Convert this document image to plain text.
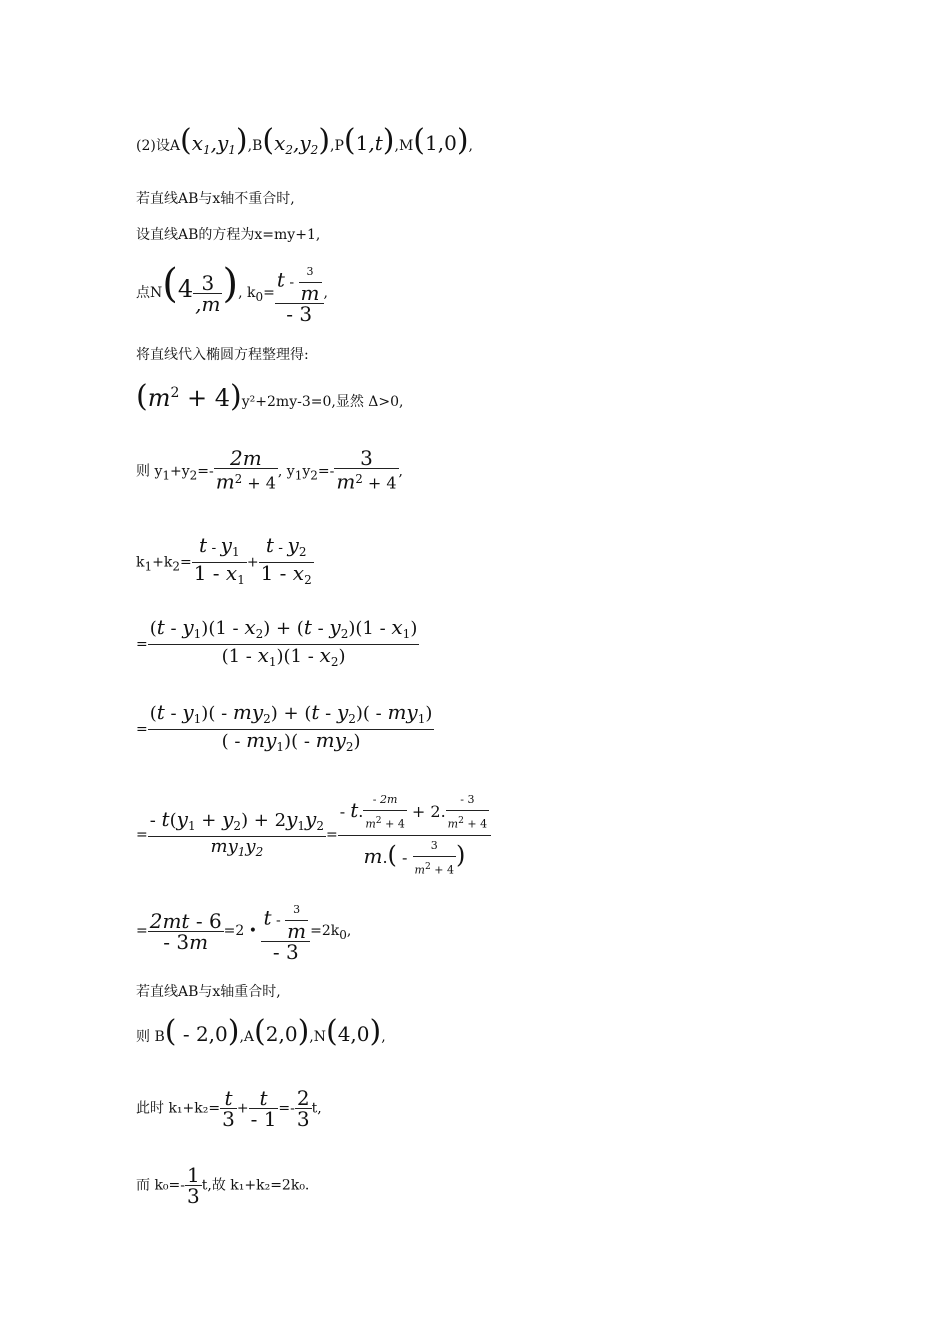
(2)设$A(x_1,y_1),B(x_2,y_2),P(1,t),M(1,0)$,
若直线AB与x轴不重合时,
设直线AB的方程为x=my+1,
点$N(4 \frac{3}{,m}$ ), $k0= \frac{t - \frac{3}{m}}{- 3}$ ,
将直线代入椭圆方程整理得:
$(m^2 + 4)y^2+2my-3=0$,显然 Δ>0,
则 $y1+y2=- \frac{2m}{m^2 + 4}$ , $y1y2=- \frac{3}{m^2 + 4}$ ,
$k1+k2= \frac{t - y1}{1 - x_1} + \frac{t - y2}{1 - x_2}$
= $\frac{(t - y_1)(1 - x_2) + (t - y_2)(1 - x_1)}{(1 - x_1)(1 - x_2)}$
= $\frac{(t - y_1)( - my_2) + (t - y_2)( - my_1)}{( - my_1)( - my_2)}$
= $\frac{- t(y_1 + y_2) + 2y_1y_2}{my_1y_2} = \frac{- t. \frac{- 2m}{m^2 + 4} + 2. \frac{- 3}{m^2 + 4}}{m.( - \frac{3}{m^2 + 4} )}$
= $\frac{2mt - 6}{- 3m} =2$ • $\frac{t - \frac{3}{m}}{- 3} =2k0$,
若直线AB与x轴重合时,
则 B( - 2,0),A(2,0),N(4,0),
此时 $k_1+k_2= \frac{t}{3} + \frac{t}{- 1} =- \frac{2}{3} t$,
而 $k_0=- \frac{1}{3} t$,故 k₁+k₂=2k₀.
